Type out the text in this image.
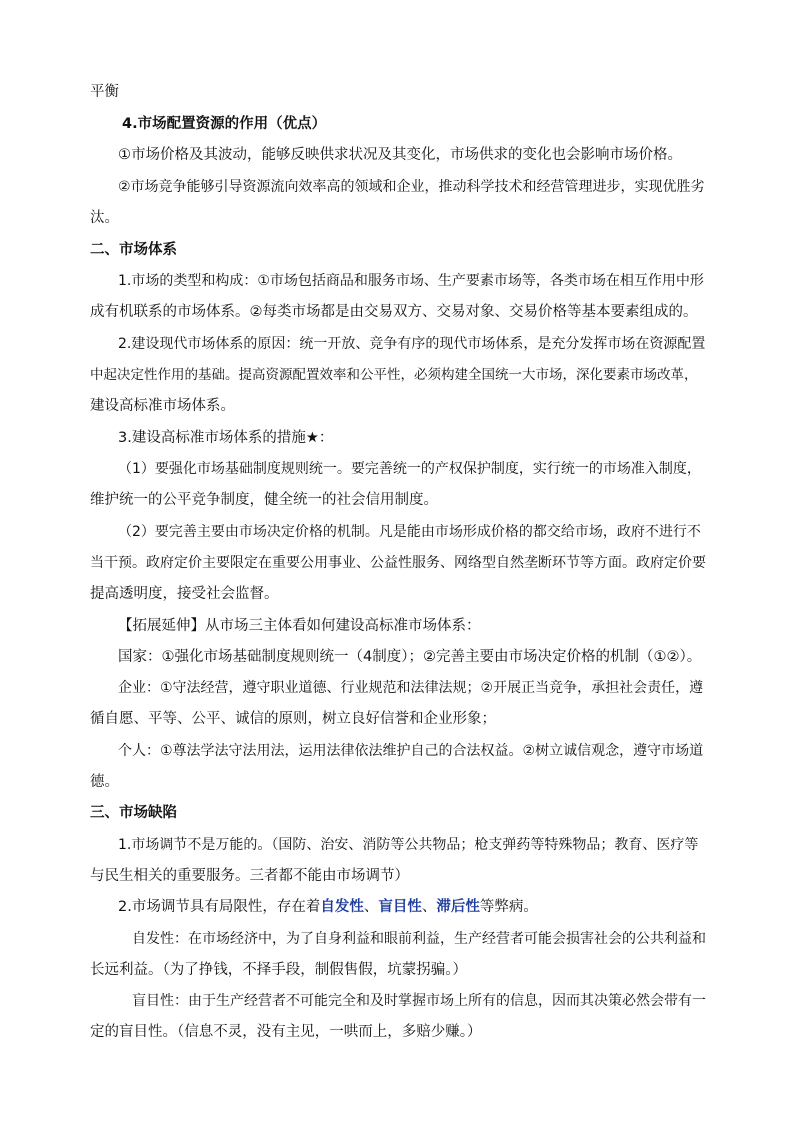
平衡

4.市场配置资源的作用（优点）

①市场价格及其波动，能够反映供求状况及其变化，市场供求的变化也会影响市场价格。

②市场竞争能够引导资源流向效率高的领域和企业，推动科学技术和经营管理进步，实现优胜劣

汰。

二、市场体系

1.市场的类型和构成：①市场包括商品和服务市场、生产要素市场等，各类市场在相互作用中形

成有机联系的市场体系。②每类市场都是由交易双方、交易对象、交易价格等基本要素组成的。

2.建设现代市场体系的原因：统一开放、竞争有序的现代市场体系，是充分发挥市场在资源配置

中起决定性作用的基础。提高资源配置效率和公平性，必须构建全国统一大市场，深化要素市场改革，

建设高标准市场体系。

3.建设高标准市场体系的措施★：

（1）要强化市场基础制度规则统一。要完善统一的产权保护制度，实行统一的市场准入制度，

维护统一的公平竞争制度，健全统一的社会信用制度。

（2）要完善主要由市场决定价格的机制。凡是能由市场形成价格的都交给市场，政府不进行不

当干预。政府定价主要限定在重要公用事业、公益性服务、网络型自然垄断环节等方面。政府定价要

提高透明度，接受社会监督。

【拓展延伸】从市场三主体看如何建设高标准市场体系：

国家：①强化市场基础制度规则统一（4制度）；②完善主要由市场决定价格的机制（①②）。

企业：①守法经营，遵守职业道德、行业规范和法律法规；②开展正当竞争，承担社会责任，遵

循自愿、平等、公平、诚信的原则，树立良好信誉和企业形象；

个人：①尊法学法守法用法，运用法律依法维护自己的合法权益。②树立诚信观念，遵守市场道

德。

三、市场缺陷

1.市场调节不是万能的。（国防、治安、消防等公共物品；枪支弹药等特殊物品；教育、医疗等

与民生相关的重要服务。三者都不能由市场调节）

2.市场调节具有局限性，存在着自发性、盲目性、滞后性等弊病。

自发性：在市场经济中，为了自身利益和眼前利益，生产经营者可能会损害社会的公共利益和

长远利益。（为了挣钱，不择手段，制假售假，坑蒙拐骗。）

盲目性：由于生产经营者不可能完全和及时掌握市场上所有的信息，因而其决策必然会带有一

定的盲目性。（信息不灵，没有主见，一哄而上，多赔少赚。）
